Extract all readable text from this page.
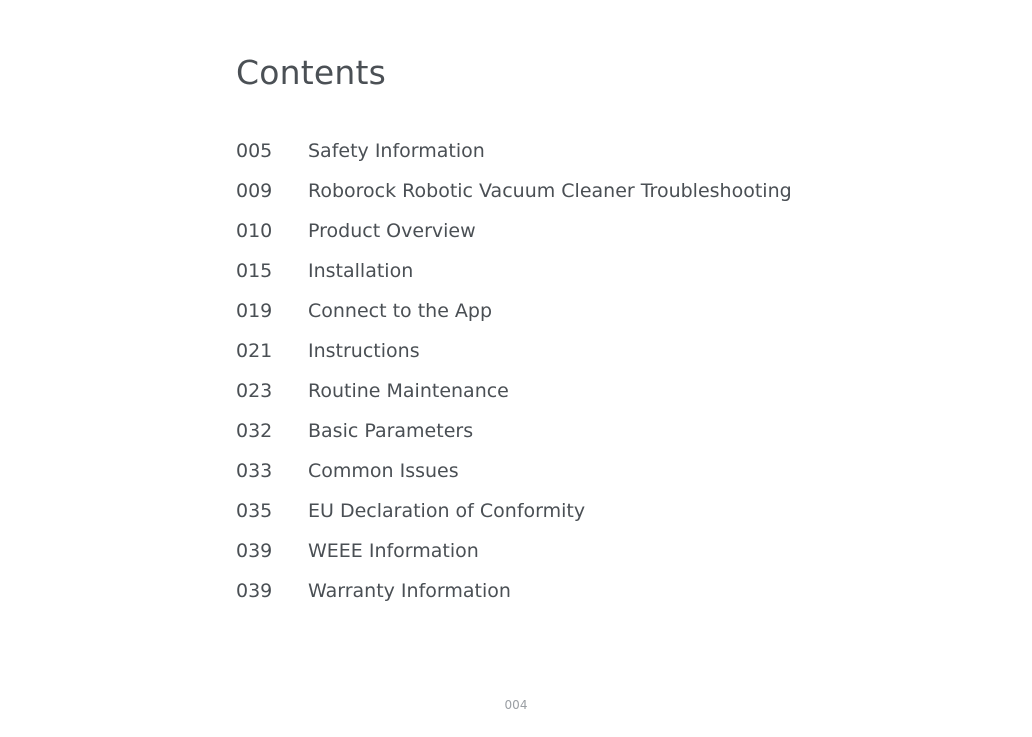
Contents
005	Safety Information
009	Roborock Robotic Vacuum Cleaner Troubleshooting
010	Product Overview
015	Installation
019	Connect to the App
021	Instructions
023	Routine Maintenance
032	Basic Parameters
033	Common Issues
035	EU Declaration of Conformity
039	WEEE Information
039	Warranty Information
004
